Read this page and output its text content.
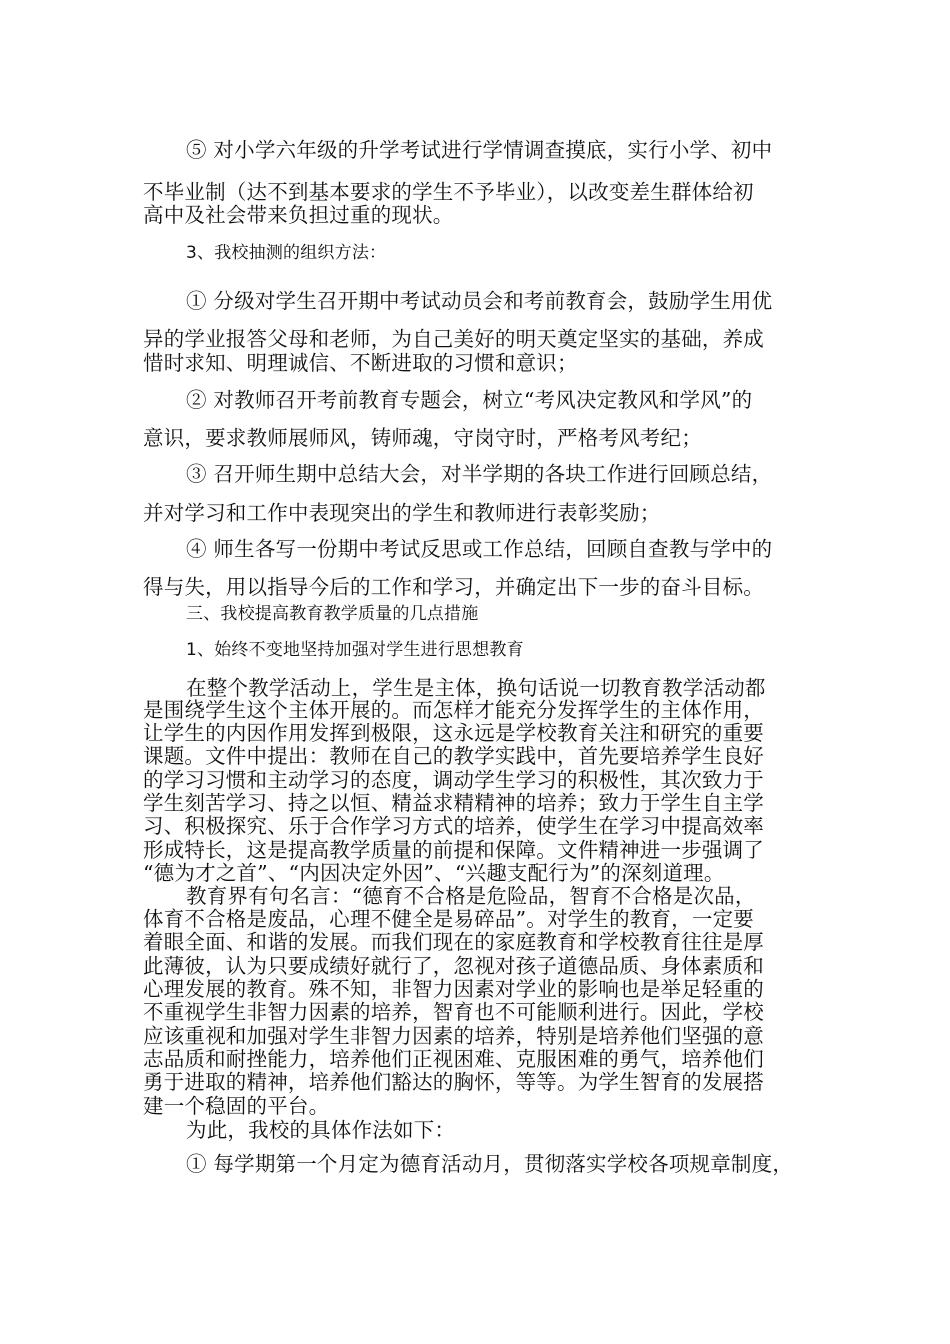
⑤ 对小学六年级的升学考试进行学情调查摸底，实行小学、初中
不毕业制（达不到基本要求的学生不予毕业），以改变差生群体给初
高中及社会带来负担过重的现状。
3、我校抽测的组织方法：
① 分级对学生召开期中考试动员会和考前教育会，鼓励学生用优
异的学业报答父母和老师，为自己美好的明天奠定坚实的基础，养成
惜时求知、明理诚信、不断进取的习惯和意识；
② 对教师召开考前教育专题会，树立“考风决定教风和学风”的
意识，要求教师展师风，铸师魂，守岗守时，严格考风考纪；
③ 召开师生期中总结大会，对半学期的各块工作进行回顾总结，
并对学习和工作中表现突出的学生和教师进行表彰奖励；
④ 师生各写一份期中考试反思或工作总结，回顾自查教与学中的
得与失，用以指导今后的工作和学习，并确定出下一步的奋斗目标。
三、我校提高教育教学质量的几点措施
1、始终不变地坚持加强对学生进行思想教育
在整个教学活动上，学生是主体，换句话说一切教育教学活动都
是围绕学生这个主体开展的。而怎样才能充分发挥学生的主体作用，
让学生的内因作用发挥到极限，这永远是学校教育关注和研究的重要
课题。文件中提出：教师在自己的教学实践中，首先要培养学生良好
的学习习惯和主动学习的态度，调动学生学习的积极性，其次致力于
学生刻苦学习、持之以恒、精益求精精神的培养；致力于学生自主学
习、积极探究、乐于合作学习方式的培养，使学生在学习中提高效率
形成特长，这是提高教学质量的前提和保障。文件精神进一步强调了
“德为才之首”、“内因决定外因”、“兴趣支配行为”的深刻道理。
教育界有句名言：“德育不合格是危险品，智育不合格是次品，
体育不合格是废品，心理不健全是易碎品”。对学生的教育，一定要
着眼全面、和谐的发展。而我们现在的家庭教育和学校教育往往是厚
此薄彼，认为只要成绩好就行了，忽视对孩子道德品质、身体素质和
心理发展的教育。殊不知，非智力因素对学业的影响也是举足轻重的
不重视学生非智力因素的培养，智育也不可能顺利进行。因此，学校
应该重视和加强对学生非智力因素的培养，特别是培养他们坚强的意
志品质和耐挫能力，培养他们正视困难、克服困难的勇气，培养他们
勇于进取的精神，培养他们豁达的胸怀，等等。为学生智育的发展搭
建一个稳固的平台。
为此，我校的具体作法如下：
① 每学期第一个月定为德育活动月，贯彻落实学校各项规章制度，
